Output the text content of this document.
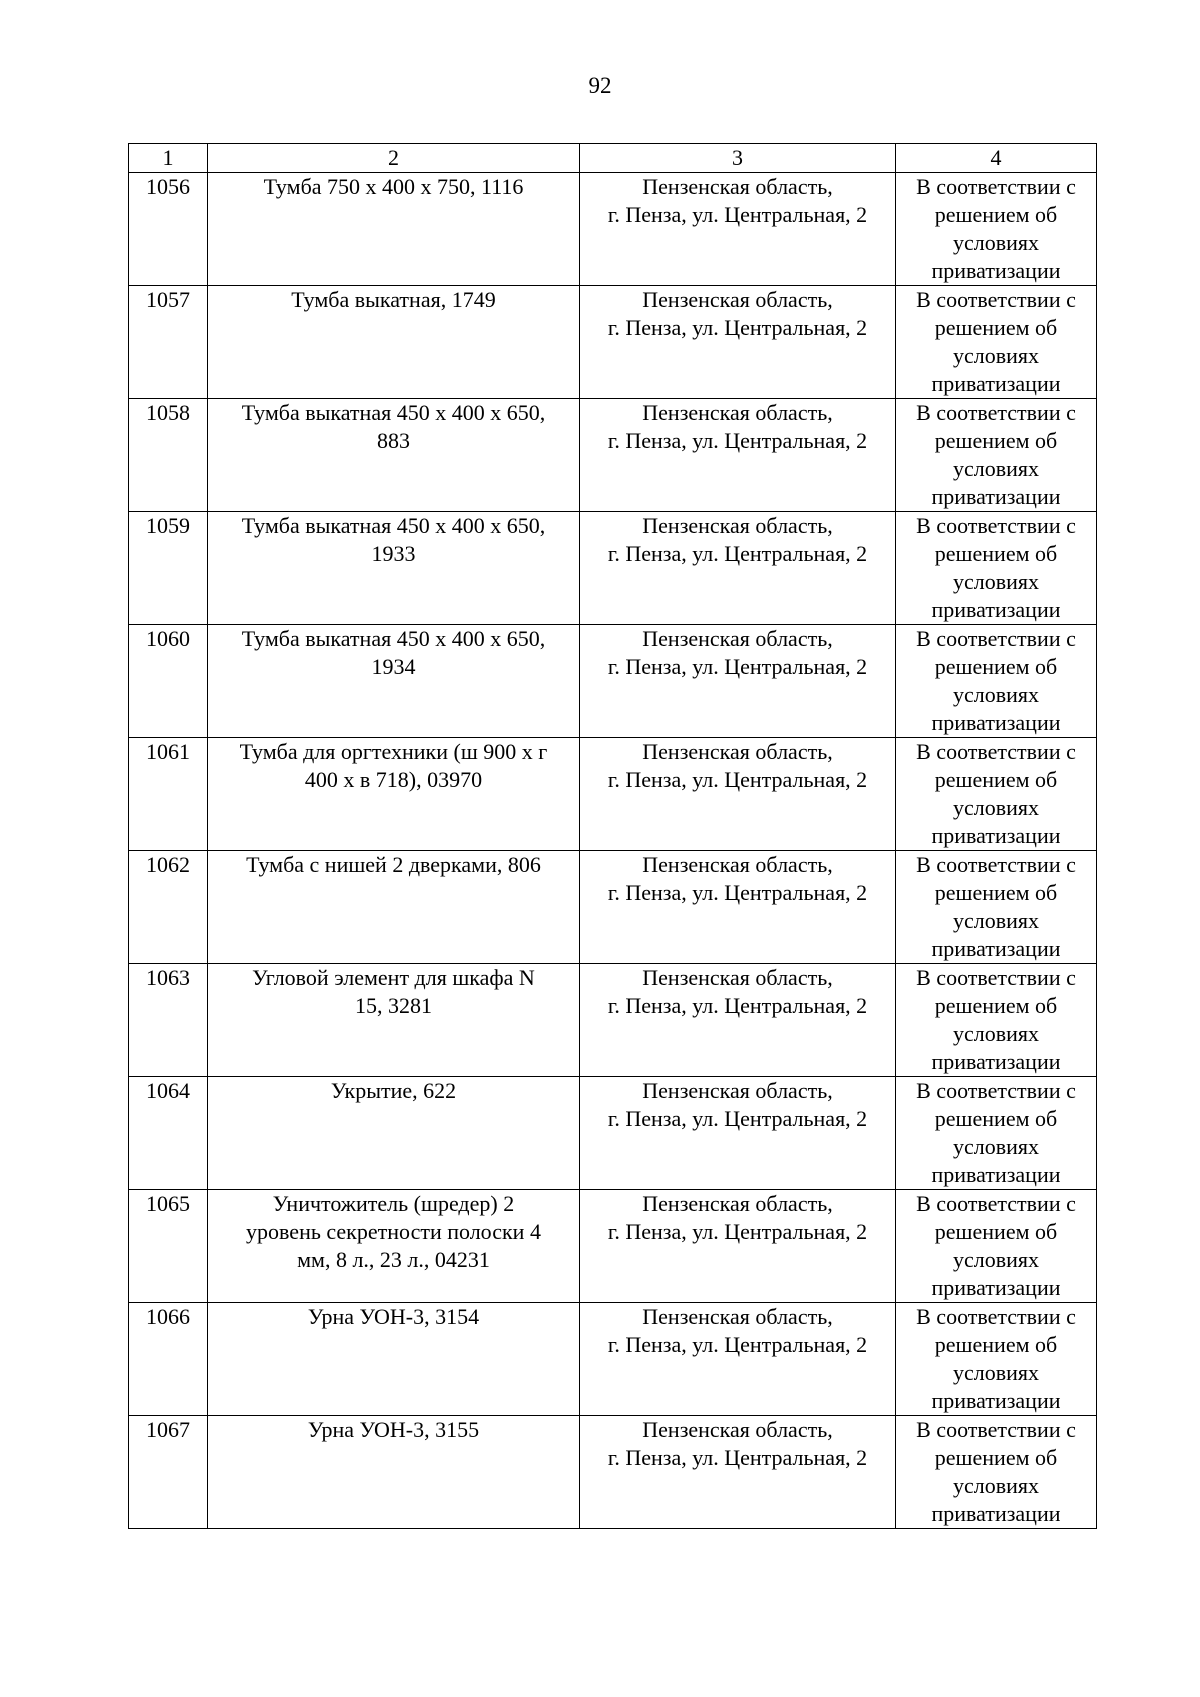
92
1	2	3	4
1056	Тумба 750 х 400 х 750, 1116	Пензенская область,
г. Пенза, ул. Центральная, 2	В соответствии с
решением об
условиях
приватизации

1057	Тумба выкатная, 1749	Пензенская область,
г. Пенза, ул. Центральная, 2	В соответствии с
решением об
условиях
приватизации

1058	Тумба выкатная 450 х 400 х 650,
883	Пензенская область,
г. Пенза, ул. Центральная, 2	В соответствии с
решением об
условиях
приватизации

1059	Тумба выкатная 450 х 400 х 650,
1933	Пензенская область,
г. Пенза, ул. Центральная, 2	В соответствии с
решением об
условиях
приватизации

1060	Тумба выкатная 450 х 400 х 650,
1934	Пензенская область,
г. Пенза, ул. Центральная, 2	В соответствии с
решением об
условиях
приватизации

1061	Тумба для оргтехники (ш 900 х г
400 х в 718), 03970	Пензенская область,
г. Пенза, ул. Центральная, 2	В соответствии с
решением об
условиях
приватизации

1062	Тумба с нишей 2 дверками, 806	Пензенская область,
г. Пенза, ул. Центральная, 2	В соответствии с
решением об
условиях
приватизации

1063	Угловой элемент для шкафа N
15, 3281	Пензенская область,
г. Пенза, ул. Центральная, 2	В соответствии с
решением об
условиях
приватизации

1064	Укрытие, 622	Пензенская область,
г. Пенза, ул. Центральная, 2	В соответствии с
решением об
условиях
приватизации

1065	Уничтожитель (шредер) 2
уровень секретности полоски 4
мм, 8 л., 23 л., 04231	Пензенская область,
г. Пенза, ул. Центральная, 2	В соответствии с
решением об
условиях
приватизации

1066	Урна УОН-3, 3154	Пензенская область,
г. Пенза, ул. Центральная, 2	В соответствии с
решением об
условиях
приватизации

1067	Урна УОН-3, 3155	Пензенская область,
г. Пенза, ул. Центральная, 2	В соответствии с
решением об
условиях
приватизации
